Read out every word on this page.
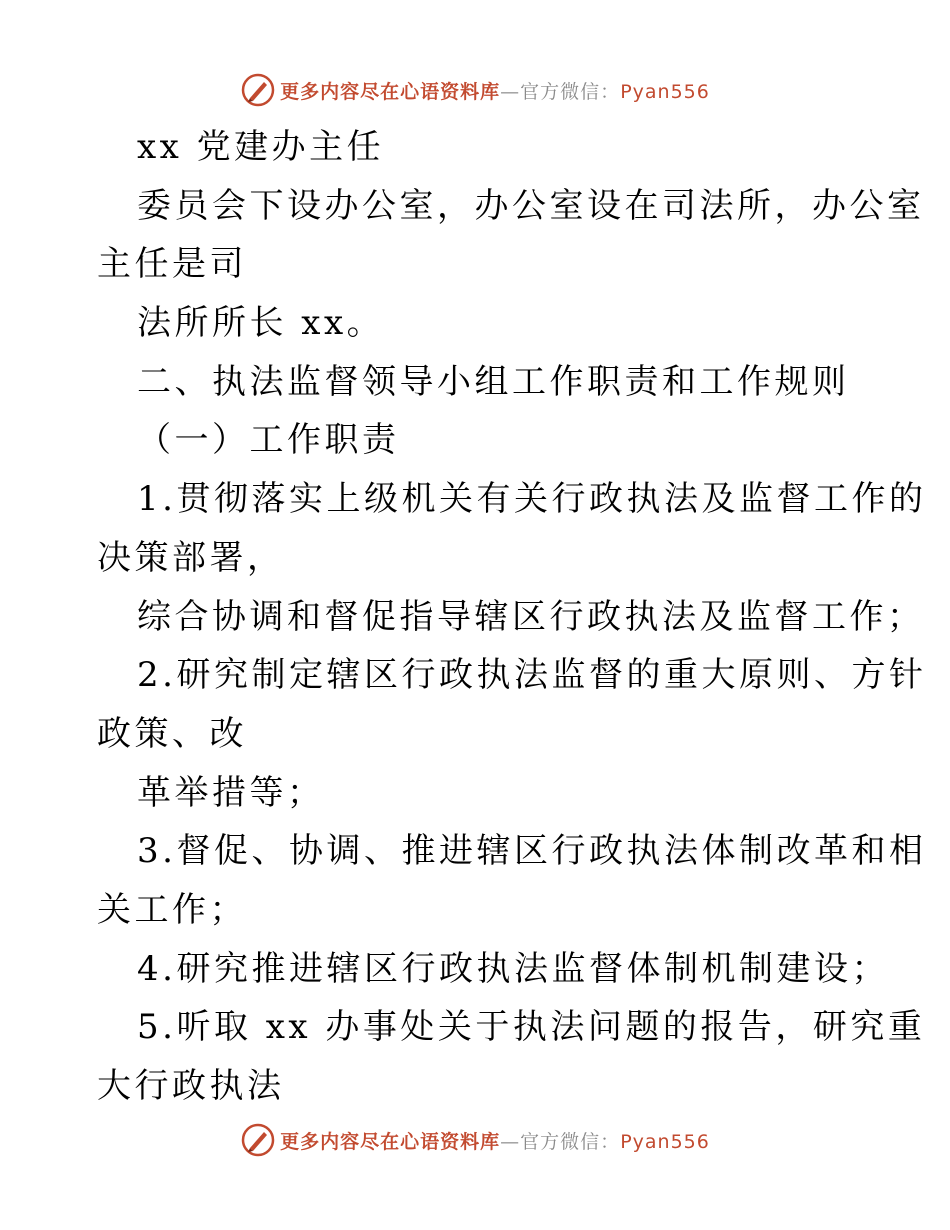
更多内容尽在心语资料库—官方微信：Pyan556
xx 党建办主任
委员会下设办公室，办公室设在司法所，办公室
主任是司
法所所长 xx。
二、执法监督领导小组工作职责和工作规则
（一）工作职责
1.贯彻落实上级机关有关行政执法及监督工作的
决策部署，
综合协调和督促指导辖区行政执法及监督工作；
2.研究制定辖区行政执法监督的重大原则、方针
政策、改
革举措等；
3.督促、协调、推进辖区行政执法体制改革和相
关工作；
4.研究推进辖区行政执法监督体制机制建设；
5.听取 xx 办事处关于执法问题的报告，研究重
大行政执法
更多内容尽在心语资料库—官方微信：Pyan556
